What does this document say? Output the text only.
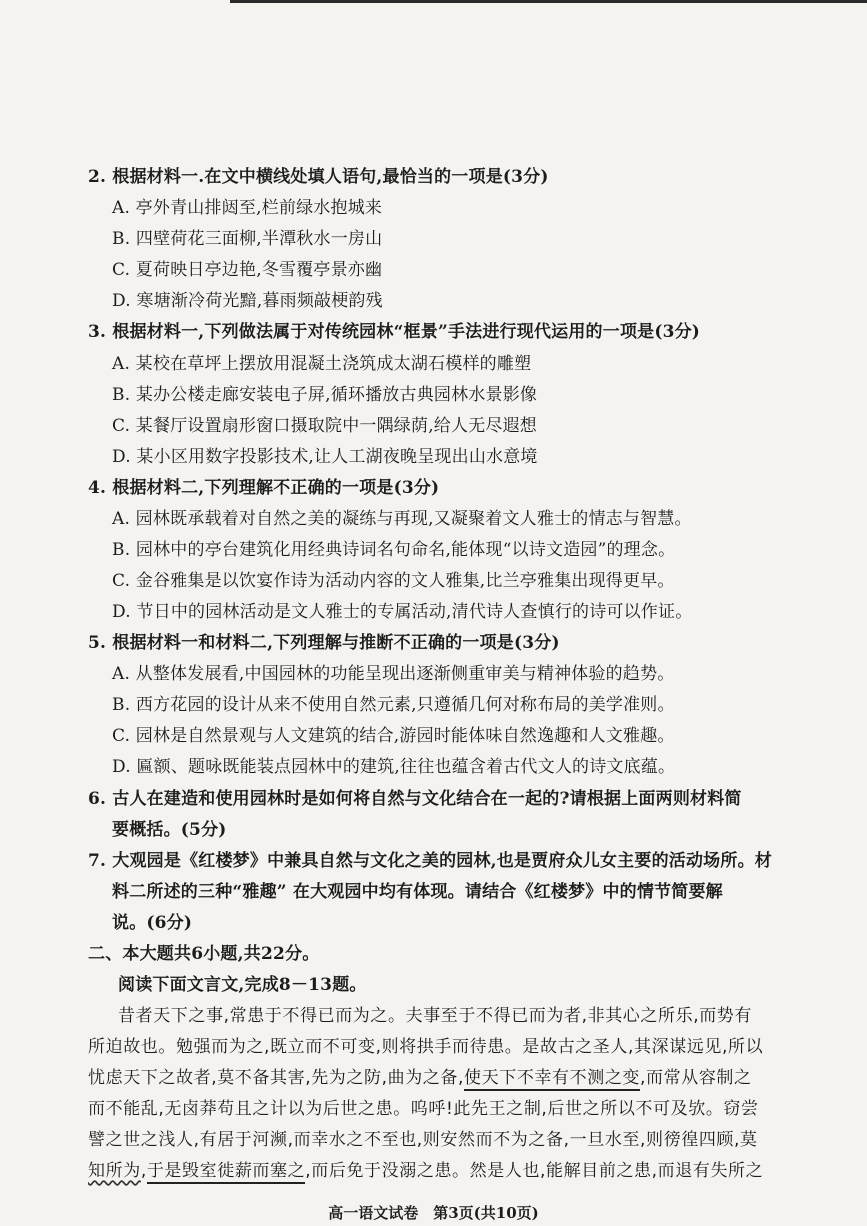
2. 根据材料一.在文中横线处填人语句,最恰当的一项是(3分)
A. 亭外青山排闼至,栏前绿水抱城来
B. 四壁荷花三面柳,半潭秋水一房山
C. 夏荷映日亭边艳,冬雪覆亭景亦幽
D. 寒塘渐冷荷光黯,暮雨频敲梗韵残
3. 根据材料一,下列做法属于对传统园林“框景”手法进行现代运用的一项是(3分)
A. 某校在草坪上摆放用混凝土浇筑成太湖石模样的雕塑
B. 某办公楼走廊安装电子屏,循环播放古典园林水景影像
C. 某餐厅设置扇形窗口摄取院中一隅绿荫,给人无尽遐想
D. 某小区用数字投影技术,让人工湖夜晚呈现出山水意境
4. 根据材料二,下列理解不正确的一项是(3分)
A. 园林既承载着对自然之美的凝练与再现,又凝聚着文人雅士的情志与智慧。
B. 园林中的亭台建筑化用经典诗词名句命名,能体现“以诗文造园”的理念。
C. 金谷雅集是以饮宴作诗为活动内容的文人雅集,比兰亭雅集出现得更早。
D. 节日中的园林活动是文人雅士的专属活动,清代诗人查慎行的诗可以作证。
5. 根据材料一和材料二,下列理解与推断不正确的一项是(3分)
A. 从整体发展看,中国园林的功能呈现出逐渐侧重审美与精神体验的趋势。
B. 西方花园的设计从来不使用自然元素,只遵循几何对称布局的美学准则。
C. 园林是自然景观与人文建筑的结合,游园时能体味自然逸趣和人文雅趣。
D. 匾额、题咏既能装点园林中的建筑,往往也蕴含着古代文人的诗文底蕴。
6. 古人在建造和使用园林时是如何将自然与文化结合在一起的?请根据上面两则材料简
要概括。(5分)
7. 大观园是《红楼梦》中兼具自然与文化之美的园林,也是贾府众儿女主要的活动场所。材
料二所述的三种“雅趣” 在大观园中均有体现。请结合《红楼梦》中的情节简要解
说。(6分)
二、本大题共6小题,共22分。
阅读下面文言文,完成8－13题。
昔者天下之事,常患于不得已而为之。夫事至于不得已而为者,非其心之所乐,而势有
所迫故也。勉强而为之,既立而不可变,则将拱手而待患。是故古之圣人,其深谋远见,所以
忧虑天下之故者,莫不备其害,先为之防,曲为之备,使天下不幸有不测之变,而常从容制之
而不能乱,无卤莽苟且之计以为后世之患。呜呼!此先王之制,后世之所以不可及欤。窃尝
譬之世之浅人,有居于河濒,而幸水之不至也,则安然而不为之备,一旦水至,则徬徨四顾,莫
知所为,于是毁室徙薪而塞之,而后免于没溺之患。然是人也,能解目前之患,而退有失所之
高一语文试卷　第3页(共10页)
